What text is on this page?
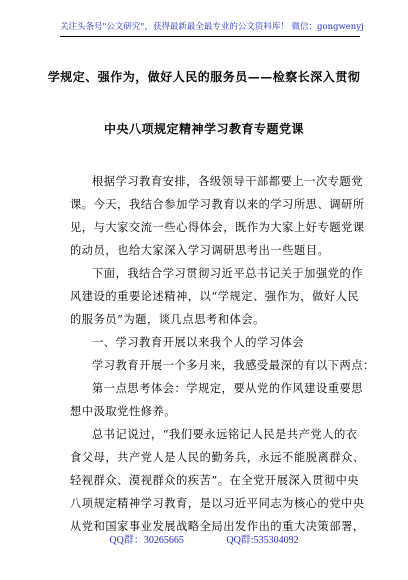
关注头条号"公文研究"，获得最新最全最专业的公文资料库！ 微信：gongwenyj
学规定、强作为，做好人民的服务员——检察长深入贯彻
中央八项规定精神学习教育专题党课
根据学习教育安排，各级领导干部都要上一次专题党
课。今天，我结合参加学习教育以来的学习所思、调研所
见，与大家交流一些心得体会，既作为大家上好专题党课
的动员，也给大家深入学习调研思考出一些题目。
下面，我结合学习贯彻习近平总书记关于加强党的作
风建设的重要论述精神，以“学规定、强作为，做好人民
的服务员”为题，谈几点思考和体会。
一、学习教育开展以来我个人的学习体会
学习教育开展一个多月来，我感受最深的有以下两点：
第一点思考体会：学规定，要从党的作风建设重要思
想中汲取党性修养。
总书记说过，“我们要永远铭记人民是共产党人的衣
食父母，共产党人是人民的勤务兵，永远不能脱离群众、
轻视群众、漠视群众的疾苦”。在全党开展深入贯彻中央
八项规定精神学习教育，是以习近平同志为核心的党中央
从党和国家事业发展战略全局出发作出的重大决策部署，
QQ群：30265665	QQ群:535304092
